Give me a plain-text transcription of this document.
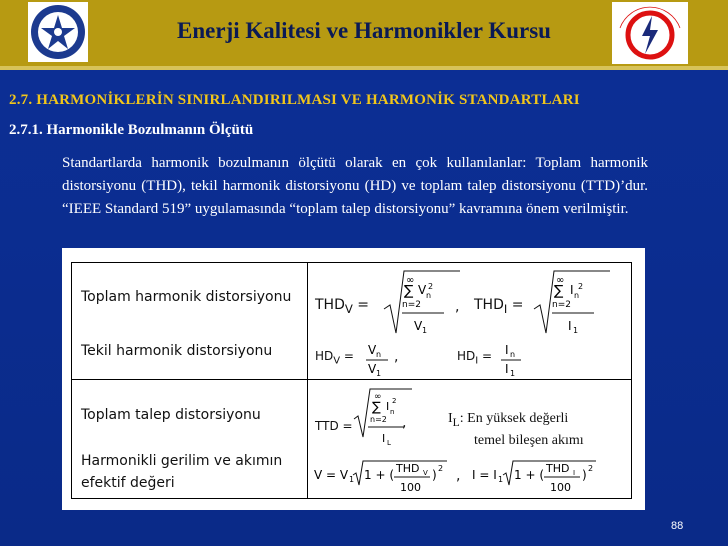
Enerji Kalitesi ve Harmonikler Kursu
2.7. HARMONİKLERİN SINIRLANDIRILMASI VE HARMONİK STANDARTLARI
2.7.1. Harmonikle Bozulmanın Ölçütü
Standartlarda harmonik bozulmanın ölçütü olarak en çok kullanılanlar: Toplam harmonik distorsiyonu (THD), tekil harmonik distorsiyonu (HD) ve toplam talep distorsiyonu (TTD)’dur. “IEEE Standard 519” uygulamasında “toplam talep distorsiyonu” kavramına önem verilmiştir.
Toplam harmonik distorsiyonu
Tekil harmonik distorsiyonu
Toplam talep distorsiyonu
Harmonikli gerilim ve akımın
efektif değeri
$THD_V$ =
∞
∑ V n
2
n=2
V 1
, $THD_I$ =
∞
∑ I n
2
n=2
I 1
$HD_V = V$ n
V 1
,	$HD_I = I$ n
I 1
TTD =
∞
∑ I n
2
n=2
I L
,	$I_L$: En yüksek değerli
temel bileşen akımı
V = V 1 1 + ( THD V
100
) 2 , I = I 1 1 + ( THD I
100
) 2
88
